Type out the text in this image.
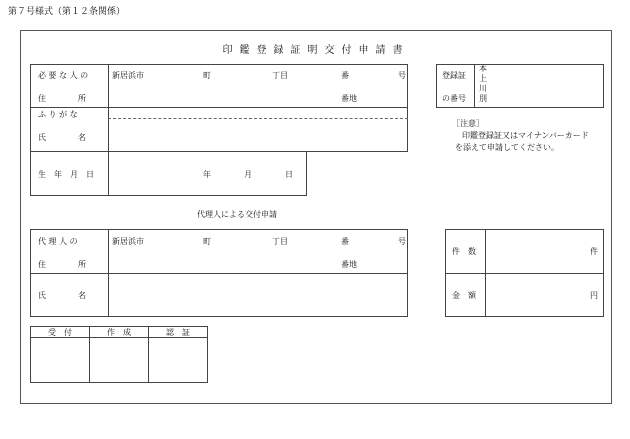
第７号様式（第１２条関係）
印鑑登録証明交付申請書
必 要 な 人 の
住　　　　所
新居浜市	町	丁目	番	号
番地
ふ り が な
氏　　　　名
生　年　月　日	年	月	日
登録証
の番号
本
上
川
別
［注意］
印鑑登録証又はマイナンバーカード
を添えて申請してください。
代理人による交付申請
代 理 人 の
住　　　　所
新居浜市	町	丁目	番	号
番地
氏　　　　名
件　数	件
金　額	円
受　付	作　成	認　証
